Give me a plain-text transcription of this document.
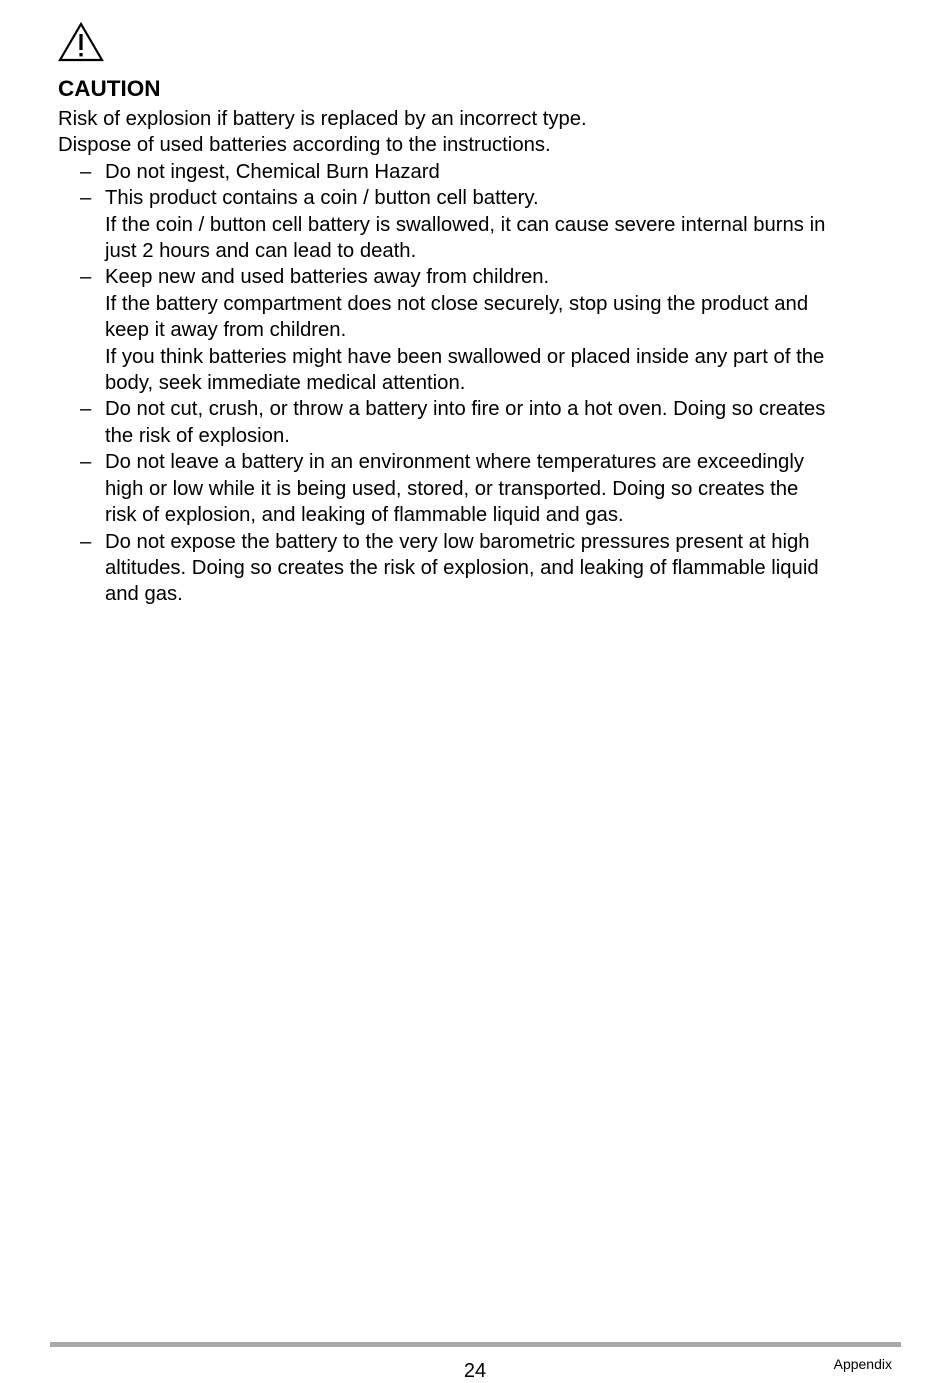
CAUTION

Risk of explosion if battery is replaced by an incorrect type.

Dispose of used batteries according to the instructions.

– Do not ingest, Chemical Burn Hazard
– This product contains a coin / button cell battery.
If the coin / button cell battery is swallowed, it can cause severe internal burns in
just 2 hours and can lead to death.
– Keep new and used batteries away from children.
If the battery compartment does not close securely, stop using the product and
keep it away from children.
If you think batteries might have been swallowed or placed inside any part of the
body, seek immediate medical attention.
– Do not cut, crush, or throw a battery into fire or into a hot oven. Doing so creates
the risk of explosion.
– Do not leave a battery in an environment where temperatures are exceedingly
high or low while it is being used, stored, or transported. Doing so creates the
risk of explosion, and leaking of flammable liquid and gas.
– Do not expose the battery to the very low barometric pressures present at high
altitudes. Doing so creates the risk of explosion, and leaking of flammable liquid
and gas.
24	Appendix
